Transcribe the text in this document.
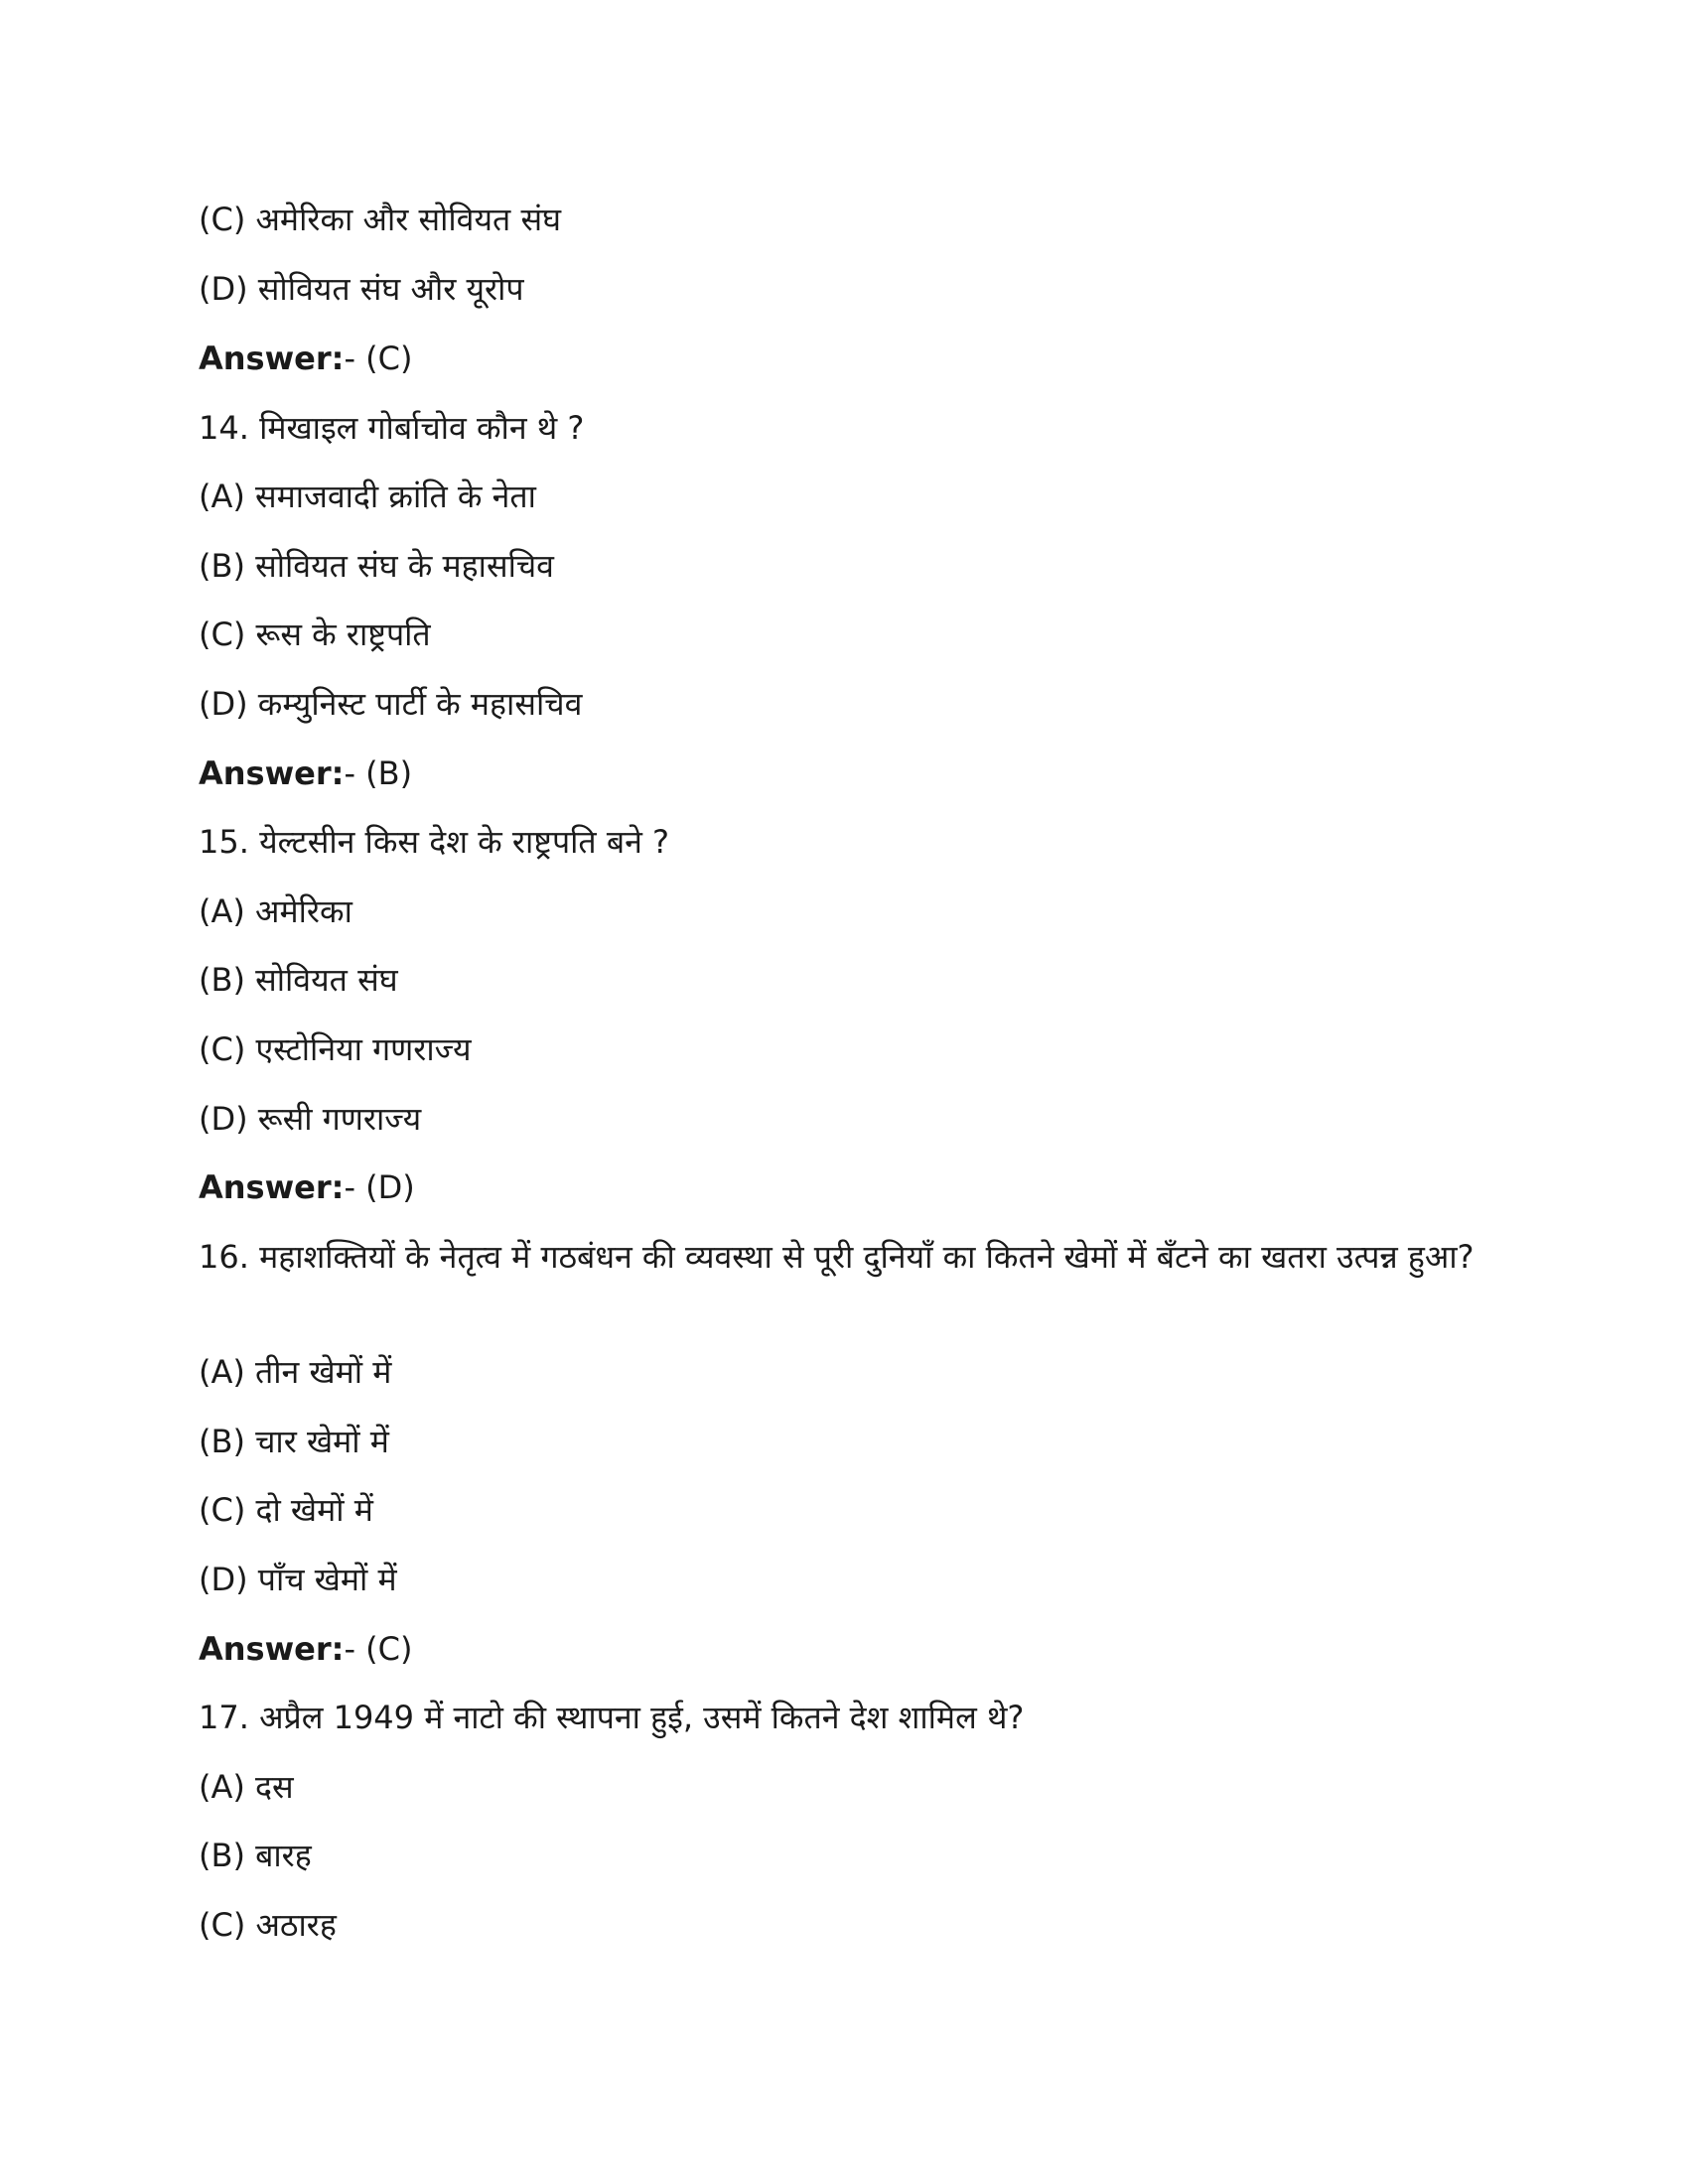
(C) अमेरिका और सोवियत संघ
(D) सोवियत संघ और यूरोप
Answer:- (C)
14. मिखाइल गोर्बाचोव कौन थे ?
(A) समाजवादी क्रांति के नेता
(B) सोवियत संघ के महासचिव
(C) रूस के राष्ट्रपति
(D) कम्युनिस्ट पार्टी के महासचिव
Answer:- (B)
15. येल्टसीन किस देश के राष्ट्रपति बने ?
(A) अमेरिका
(B) सोवियत संघ
(C) एस्टोनिया गणराज्य
(D) रूसी गणराज्य
Answer:- (D)
16. महाशक्तियों के नेतृत्व में गठबंधन की व्यवस्था से पूरी दुनियाँ का कितने खेमों में बँटने का खतरा उत्पन्न हुआ?
(A) तीन खेमों में
(B) चार खेमों में
(C) दो खेमों में
(D) पाँच खेमों में
Answer:- (C)
17. अप्रैल 1949 में नाटो की स्थापना हुई, उसमें कितने देश शामिल थे?
(A) दस
(B) बारह
(C) अठारह
